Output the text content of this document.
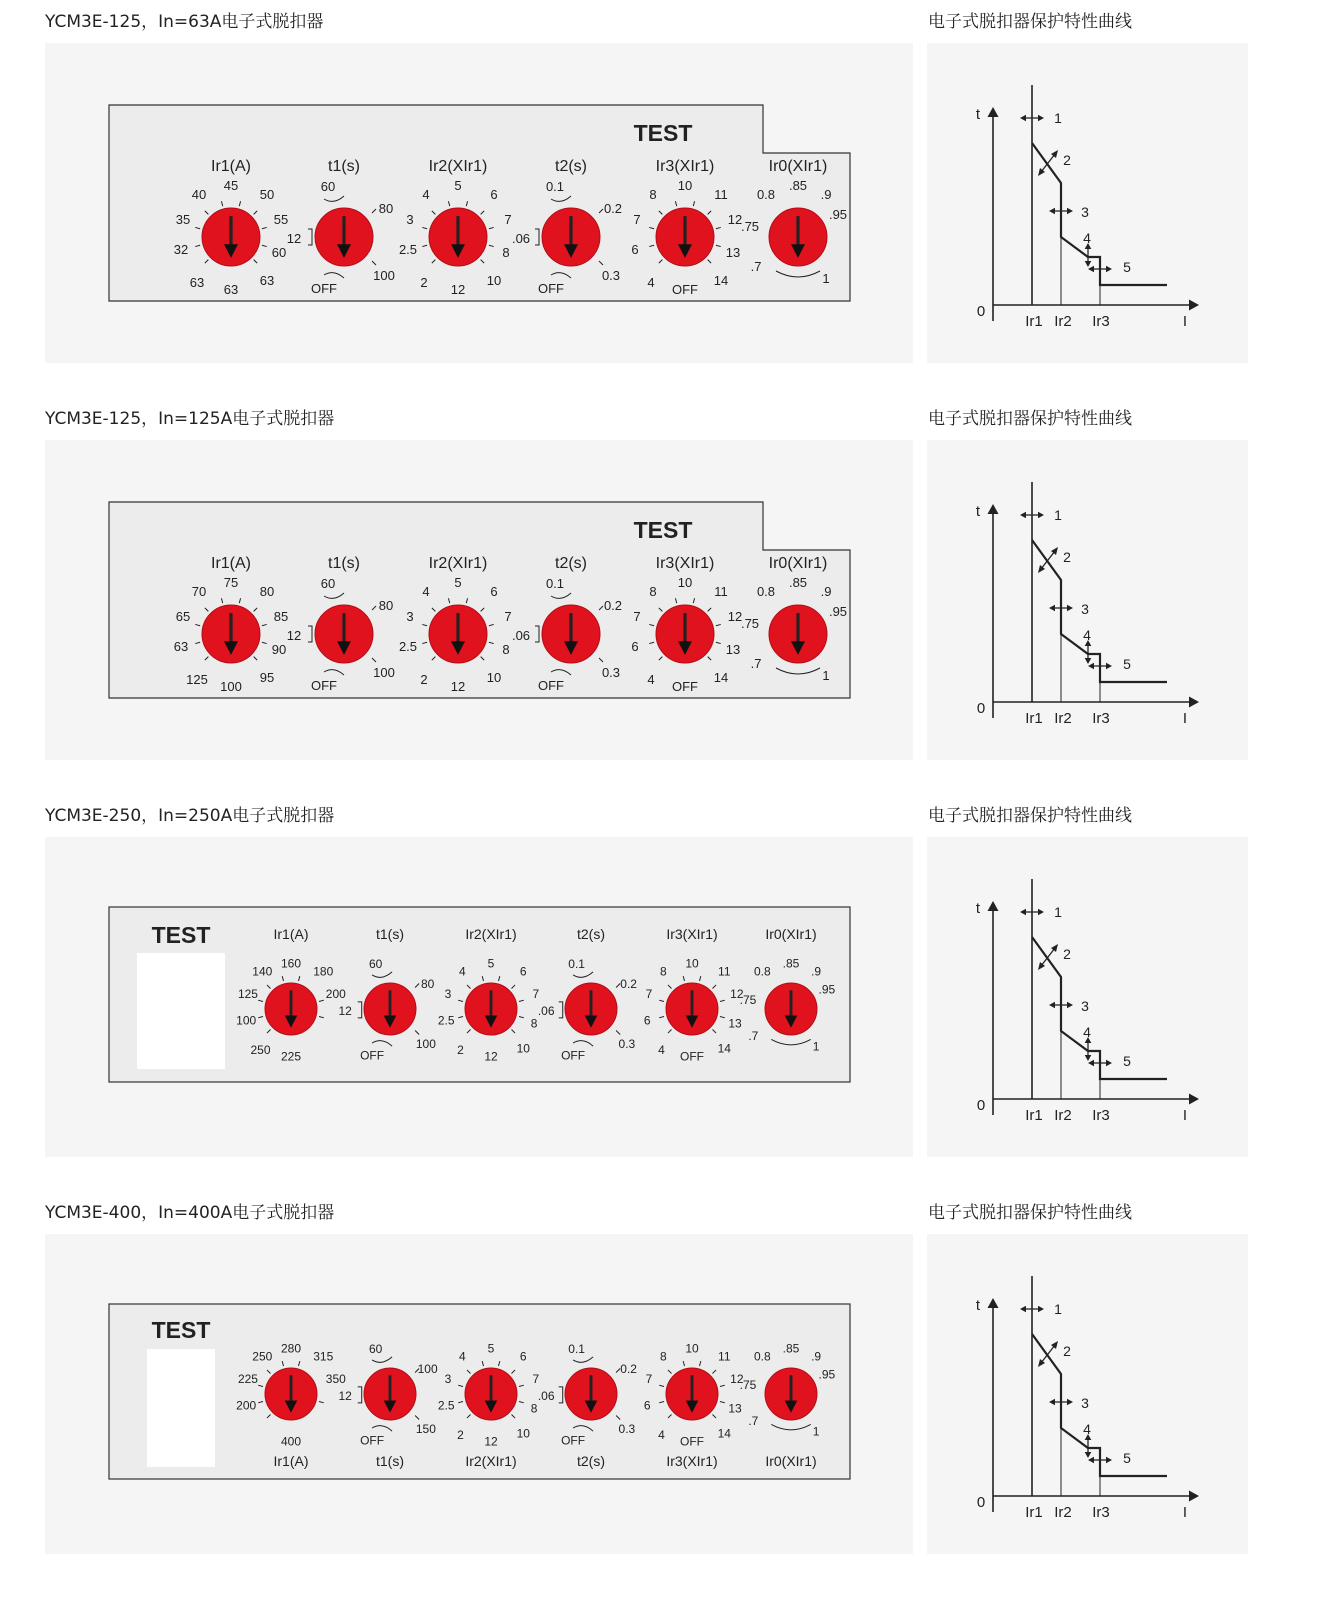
YCM3E-125，In=63A电子式脱扣器	电子式脱扣器保护特性曲线
TEST
Ir1(A)
40
45
50
35	55
32	60
63 63
63
t1(s)
60
80
12
OFF
100
Ir2(XIr1)
4
5
6
3	7
2.5	8
2 12
10
t2(s)
0.1
0.2
.06
OFF
0.3
Ir3(XIr1)
8
10
11
7	12
6	13
4 OFF
14
Ir0(XIr1)
0.8
.85
.9
.75
.95
.7
1
t
I
0
Ir1 Ir2 Ir3
1
2
3
4
5
YCM3E-125，In=125A电子式脱扣器	电子式脱扣器保护特性曲线
TEST
Ir1(A)
70
75
80
65	85
63	90
125 100
95
t1(s)
60
80
12
OFF
100
Ir2(XIr1)
4
5
6
3	7
2.5	8
2 12
10
t2(s)
0.1
0.2
.06
OFF
0.3
Ir3(XIr1)
8
10
11
7	12
6	13
4 OFF
14
Ir0(XIr1)
0.8
.85
.9
.75
.95
.7
1
t
I
0
Ir1 Ir2 Ir3
1
2
3
4
5
YCM3E-250，In=250A电子式脱扣器	电子式脱扣器保护特性曲线
TEST	Ir1(A)
140
160
180
125	200
100
250 225
t1(s)
60
80
12
OFF
100
Ir2(XIr1)
4
5
6
3	7
2.5	8
2 12
10
t2(s)
0.1
0.2
.06
OFF
0.3
Ir3(XIr1)
8
10
11
7	12
6	13
4 OFF
14
Ir0(XIr1)
0.8
.85
.9
.75
.95
.7
1
t
I
0
Ir1 Ir2 Ir3
1
2
3
4
5
YCM3E-400，In=400A电子式脱扣器	电子式脱扣器保护特性曲线
TEST
Ir1(A)
250
280
315
225	350
200
400
t1(s)
60
100
12
OFF
150
Ir2(XIr1)
4
5
6
3	7
2.5	8
2 12
10
t2(s)
0.1
0.2
.06
OFF
0.3
Ir3(XIr1)
8
10
11
7	12
6	13
4 OFF
14
Ir0(XIr1)
0.8
.85
.9
.75
.95
.7
1
t
I
0
Ir1 Ir2 Ir3
1
2
3
4
5
